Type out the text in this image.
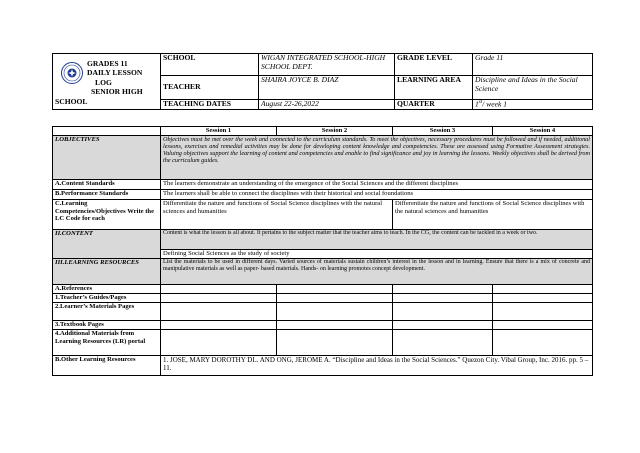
GRADES 11
DAILY LESSON
LOG
SENIOR HIGH
SCHOOL	SCHOOL	WIGAN INTEGRATED SCHOOL-HIGH SCHOOL DEPT.	GRADE LEVEL	Grade 11
	TEACHER	SHAIRA JOYCE B. DIAZ	LEARNING AREA	Discipline and Ideas in the Social Science
	TEACHING DATES	August 22-26,2022	QUARTER	1st/ week 1
	Session 1	Session 2	Session 3	Session 4
I.OBJECTIVES	Objectives must be met over the week and connected to the curriculum standards. To meet the objectives, necessary procedures must be followed and if needed, additional lessons, exercises and remedial activities may be done for developing content knowledge and competencies. These are assessed using Formative Assessment strategies. Valuing objectives support the learning of content and competencies and enable to find significance and joy in learning the lessons. Weekly objectives shall be derived from the curriculum guides.			
A.Content Standards	The learners demonstrate an understanding of the emergence of the Social Sciences and the different disciplines			
B.Performance Standards	The learners shall be able to connect the disciplines with their historical and social foundations			
C.Learning Competencies/Objectives Write the LC Code for each	Differentiate the nature and functions of Social Science disciplines with the natural sciences and humanities		Differentiate the nature and functions of Social Science disciplines with the natural sciences and humanities	
II.CONTENT	Content is what the lesson is all about. It pertains to the subject matter that the teacher aims to teach. In the CG, the content can be tackled in a week or two.			
	Defining Social Sciences as the study of society			
III.LEARNING RESOURCES	List the materials to be used in different days. Varied sources of materials sustain children’s interest in the lesson and in learning. Ensure that there is a mix of concrete and manipulative materials as well as paper- based materials. Hands- on learning promotes concept development.			
A.References				
1.Teacher’s Guides/Pages				
2.Learner’s Materials Pages				
3.Textbook Pages				
4.Additional Materials from Learning Resources (LR) portal				
B.Other Learning Resources	1. JOSE, MARY DOROTHY DL. AND ONG, JEROME A. “Discipline and Ideas in the Social Sciences.” Quezon City. Vibal Group, Inc. 2016. pp. 5 – 11.			
